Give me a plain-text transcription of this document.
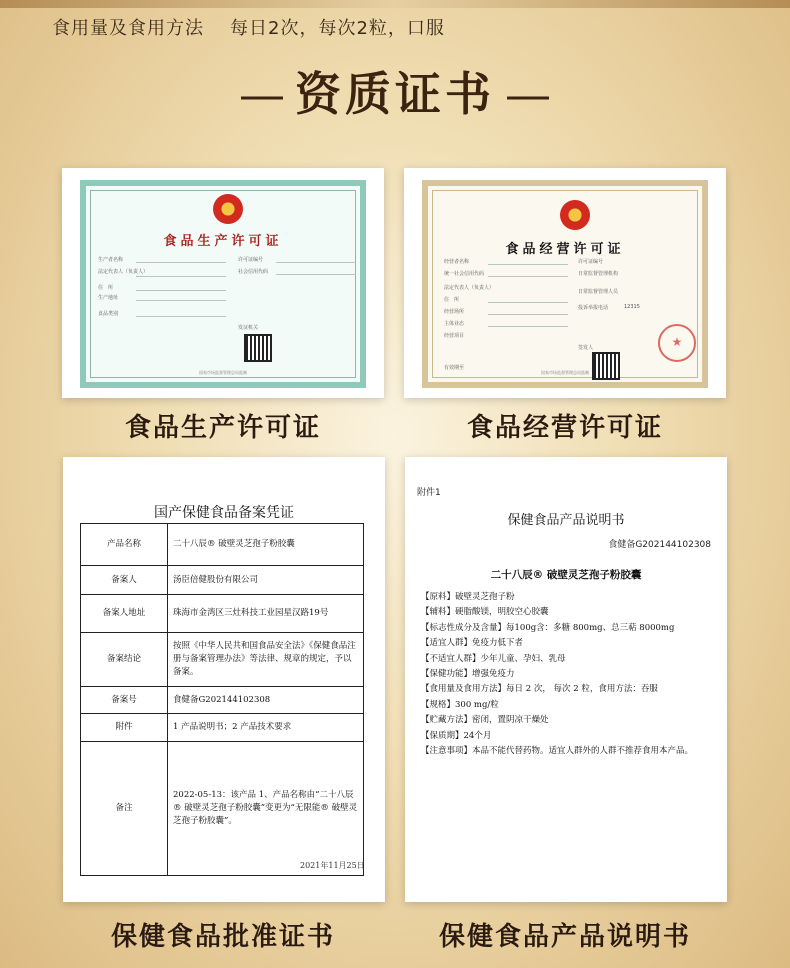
食用量及食用方法 每日2次，每次2粒，口服
— 资质证书 —
食品生产许可证
生产者名称
法定代表人（负责人）
住　所
生产地址
食品类别
社会信用代码
许可证编号
发证机关
国家市场监督管理总局监制
食品经营许可证
经营者名称
统一社会信用代码
法定代表人（负责人）
住　所
经营场所
主体业态
经营项目
许可证编号
日常监督管理机构
日常监督管理人员
投诉举报电话	12315
签发人
有效期至
★
国家市场监督管理总局监制
食品生产许可证	食品经营许可证
国产保健食品备案凭证
产品名称	二十八辰® 破壁灵芝孢子粉胶囊
备案人	汤臣倍健股份有限公司
备案人地址	珠海市金湾区三灶科技工业园星汉路19号
备案结论	按照《中华人民共和国食品安全法》《保健食品注册与备案管理办法》等法律、规章的规定，予以备案。
备案号	食健备G202144102308
附件	1 产品说明书；2 产品技术要求
备注	2022-05-13：该产品 1、产品名称由“二十八辰® 破壁灵芝孢子粉胶囊”变更为“无限能® 破壁灵芝孢子粉胶囊”。
2021年11月25日
附件1
保健食品产品说明书
食健备G202144102308
二十八辰® 破壁灵芝孢子粉胶囊
【原料】破壁灵芝孢子粉
【辅料】硬脂酸镁，明胶空心胶囊
【标志性成分及含量】每100g含：多糖 800mg、总三萜 8000mg
【适宜人群】免疫力低下者
【不适宜人群】少年儿童、孕妇、乳母
【保健功能】增强免疫力
【食用量及食用方法】每日 2 次， 每次 2 粒，食用方法：吞服
【规格】300 mg/粒
【贮藏方法】密闭，置阴凉干燥处
【保质期】24个月
【注意事项】本品不能代替药物。适宜人群外的人群不推荐食用本产品。
保健食品批准证书	保健食品产品说明书
